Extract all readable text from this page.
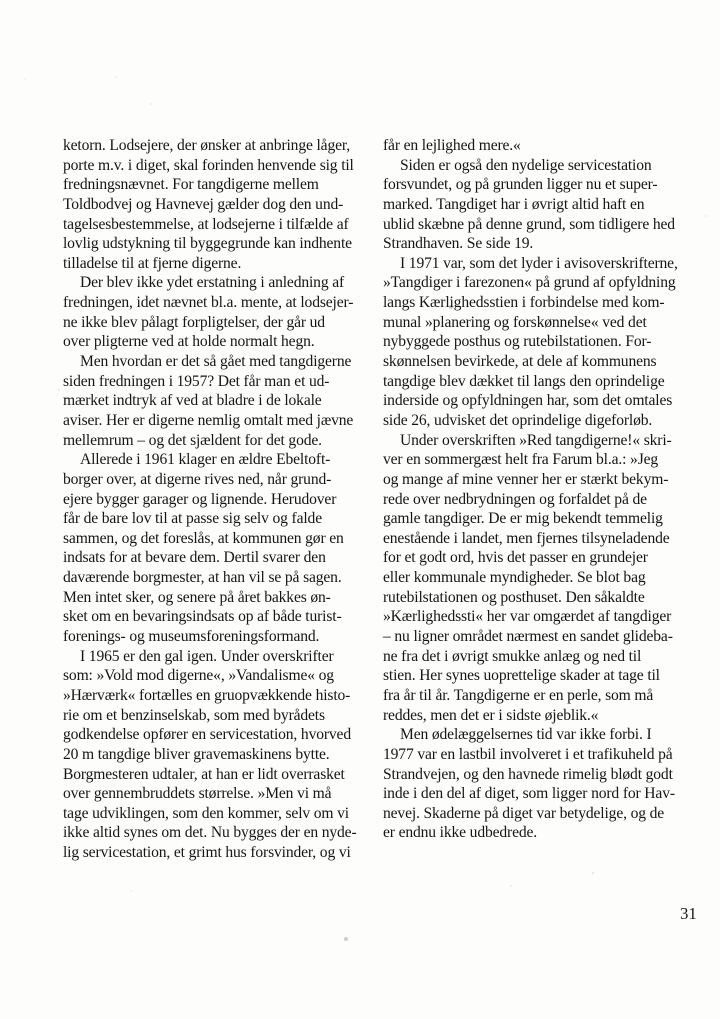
ketorn. Lodsejere, der ønsker at anbringe låger,
porte m.v. i diget, skal forinden henvende sig til
fredningsnævnet. For tangdigerne mellem
Toldbodvej og Havnevej gælder dog den und-
tagelsesbestemmelse, at lodsejerne i tilfælde af
lovlig udstykning til byggegrunde kan indhente
tilladelse til at fjerne digerne.
Der blev ikke ydet erstatning i anledning af
fredningen, idet nævnet bl.a. mente, at lodsejer-
ne ikke blev pålagt forpligtelser, der går ud
over pligterne ved at holde normalt hegn.
Men hvordan er det så gået med tangdigerne
siden fredningen i 1957? Det får man et ud-
mærket indtryk af ved at bladre i de lokale
aviser. Her er digerne nemlig omtalt med jævne
mellemrum – og det sjældent for det gode.
Allerede i 1961 klager en ældre Ebeltoft-
borger over, at digerne rives ned, når grund-
ejere bygger garager og lignende. Herudover
får de bare lov til at passe sig selv og falde
sammen, og det foreslås, at kommunen gør en
indsats for at bevare dem. Dertil svarer den
daværende borgmester, at han vil se på sagen.
Men intet sker, og senere på året bakkes øn-
sket om en bevaringsindsats op af både turist-
forenings- og museumsforeningsformand.
I 1965 er den gal igen. Under overskrifter
som: »Vold mod digerne«, »Vandalisme« og
»Hærværk« fortælles en gruopvækkende histo-
rie om et benzinselskab, som med byrådets
godkendelse opfører en servicestation, hvorved
20 m tangdige bliver gravemaskinens bytte.
Borgmesteren udtaler, at han er lidt overrasket
over gennembruddets størrelse. »Men vi må
tage udviklingen, som den kommer, selv om vi
ikke altid synes om det. Nu bygges der en nyde-
lig servicestation, et grimt hus forsvinder, og vi
får en lejlighed mere.«
Siden er også den nydelige servicestation
forsvundet, og på grunden ligger nu et super-
marked. Tangdiget har i øvrigt altid haft en
ublid skæbne på denne grund, som tidligere hed
Strandhaven. Se side 19.
I 1971 var, som det lyder i avisoverskrifterne,
»Tangdiger i farezonen« på grund af opfyldning
langs Kærlighedsstien i forbindelse med kom-
munal »planering og forskønnelse« ved det
nybyggede posthus og rutebilstationen. For-
skønnelsen bevirkede, at dele af kommunens
tangdige blev dækket til langs den oprindelige
inderside og opfyldningen har, som det omtales
side 26, udvisket det oprindelige digeforløb.
Under overskriften »Red tangdigerne!« skri-
ver en sommergæst helt fra Farum bl.a.: »Jeg
og mange af mine venner her er stærkt bekym-
rede over nedbrydningen og forfaldet på de
gamle tangdiger. De er mig bekendt temmelig
enestående i landet, men fjernes tilsyneladende
for et godt ord, hvis det passer en grundejer
eller kommunale myndigheder. Se blot bag
rutebilstationen og posthuset. Den såkaldte
»Kærlighedssti« her var omgærdet af tangdiger
– nu ligner området nærmest en sandet glideba-
ne fra det i øvrigt smukke anlæg og ned til
stien. Her synes uoprettelige skader at tage til
fra år til år. Tangdigerne er en perle, som må
reddes, men det er i sidste øjeblik.«
Men ødelæggelsernes tid var ikke forbi. I
1977 var en lastbil involveret i et trafikuheld på
Strandvejen, og den havnede rimelig blødt godt
inde i den del af diget, som ligger nord for Hav-
nevej. Skaderne på diget var betydelige, og de
er endnu ikke udbedrede.
31
